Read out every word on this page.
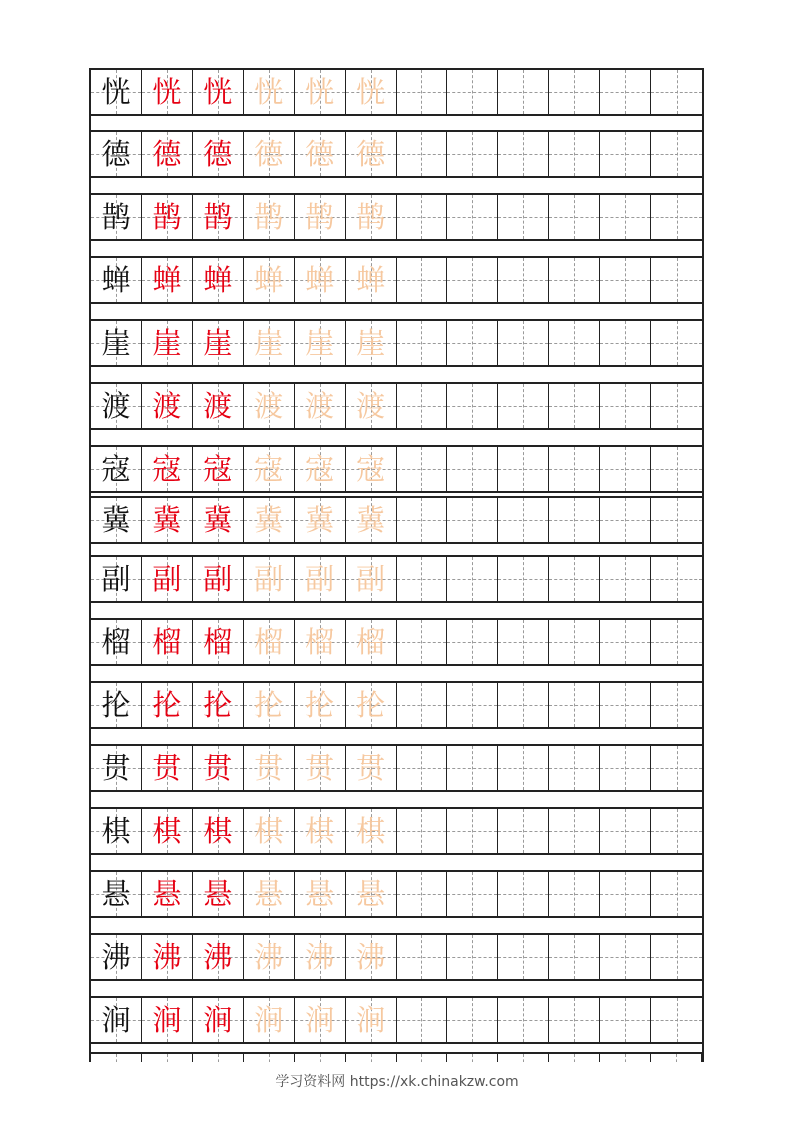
恍 恍 恍 恍 恍 恍
德 德 德 德 德 德
鹊 鹊 鹊 鹊 鹊 鹊
蝉 蝉 蝉 蝉 蝉 蝉
崖 崖 崖 崖 崖 崖
渡 渡 渡 渡 渡 渡
寇 寇 寇 寇 寇 寇
冀 冀 冀 冀 冀 冀
副 副 副 副 副 副
榴 榴 榴 榴 榴 榴
抡 抡 抡 抡 抡 抡
贯 贯 贯 贯 贯 贯
棋 棋 棋 棋 棋 棋
悬 悬 悬 悬 悬 悬
沸 沸 沸 沸 沸 沸
涧 涧 涧 涧 涧 涧
学习资料网 https://xk.chinakzw.com
